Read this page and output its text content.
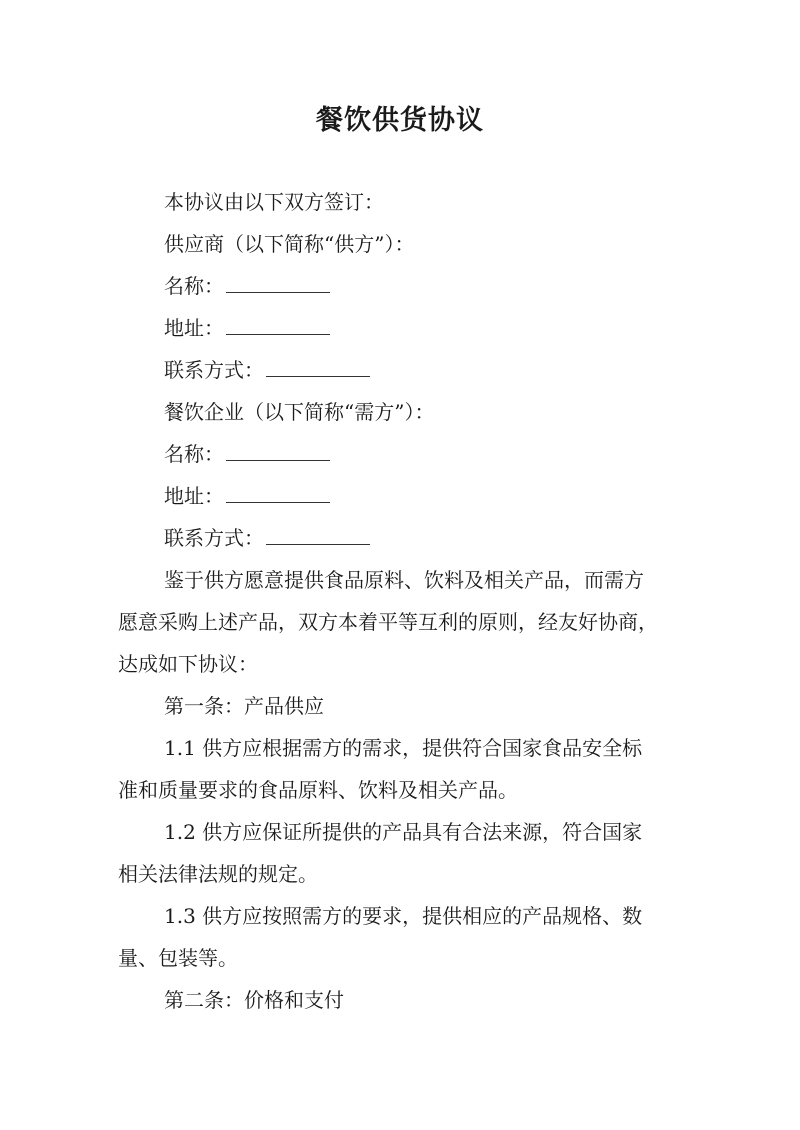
餐饮供货协议
本协议由以下双方签订：
供应商（以下简称“供方”）：
名称：
地址：
联系方式：
餐饮企业（以下简称“需方”）：
名称：
地址：
联系方式：
鉴于供方愿意提供食品原料、饮料及相关产品，而需方
愿意采购上述产品，双方本着平等互利的原则，经友好协商，
达成如下协议：
第一条：产品供应
1.1 供方应根据需方的需求，提供符合国家食品安全标
准和质量要求的食品原料、饮料及相关产品。
1.2 供方应保证所提供的产品具有合法来源，符合国家
相关法律法规的规定。
1.3 供方应按照需方的要求，提供相应的产品规格、数
量、包装等。
第二条：价格和支付
